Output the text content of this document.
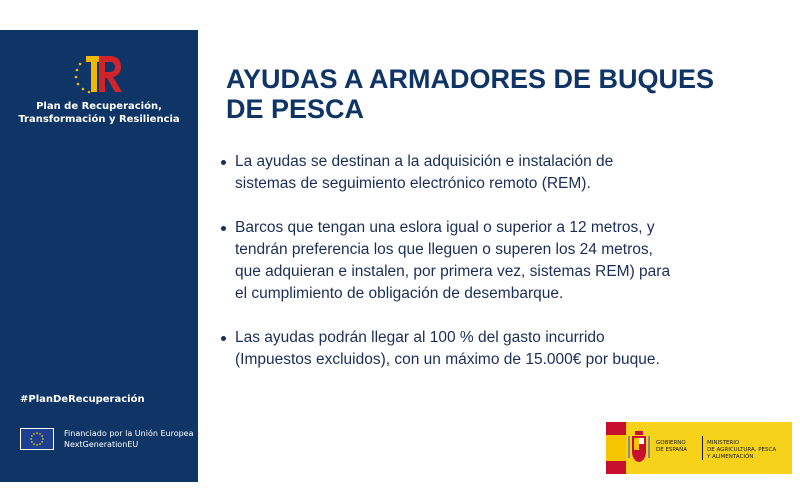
Plan de Recuperación,
Transformación y Resiliencia
#PlanDeRecuperación
Financiado por la Unión Europea
NextGenerationEU
AYUDAS A ARMADORES DE BUQUES
DE PESCA
La ayudas se destinan a la adquisición e instalación de
sistemas de seguimiento electrónico remoto (REM).
Barcos que tengan una eslora igual o superior a 12 metros, y
tendrán preferencia los que lleguen o superen los 24 metros,
que adquieran e instalen, por primera vez, sistemas REM) para
el cumplimiento de obligación de desembarque.
Las ayudas podrán llegar al 100 % del gasto incurrido
(Impuestos excluidos), con un máximo de 15.000€ por buque.
GOBIERNO
DE ESPAÑA
MINISTERIO
DE AGRICULTURA, PESCA
Y ALIMENTACIÓN
